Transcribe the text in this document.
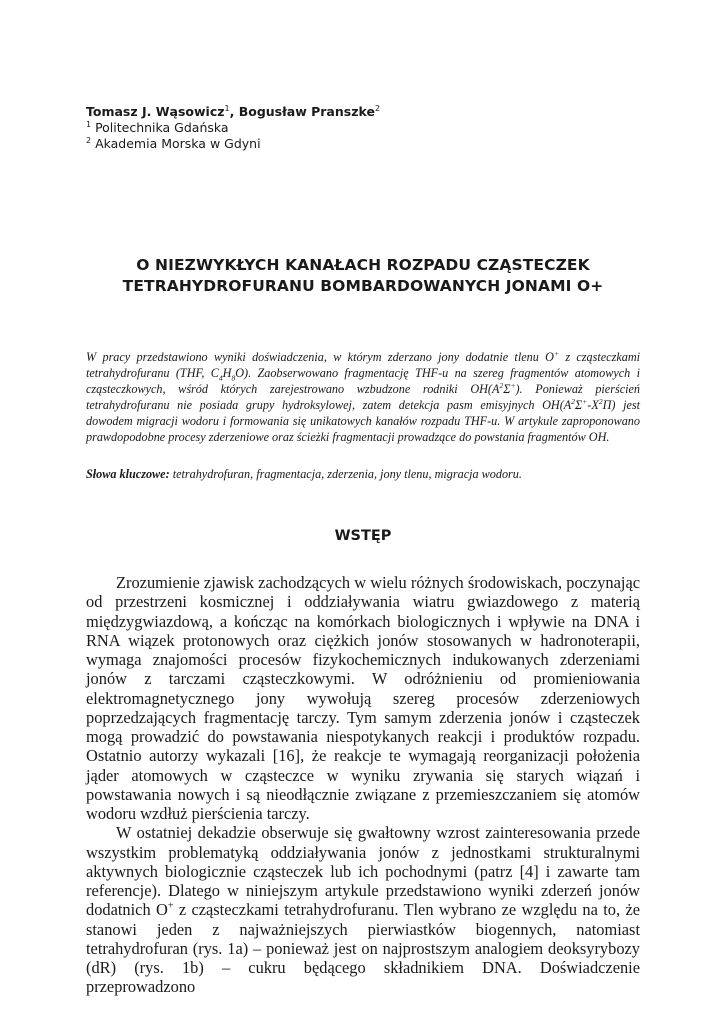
Tomasz J. Wąsowicz$^1$, Bogusław Pranszke$^2$
$^1$ Politechnika Gdańska
$^2$ Akademia Morska w Gdyni
O NIEZWYKŁYCH KANAŁACH ROZPADU CZĄSTECZEK
TETRAHYDROFURANU BOMBARDOWANYCH JONAMI O+
W pracy przedstawiono wyniki doświadczenia, w którym zderzano jony dodatnie tlenu O+ z cząsteczkami tetrahydrofuranu (THF, $C_4H_8O$). Zaobserwowano fragmentację THF-u na szereg fragmentów atomowych i cząsteczkowych, wśród których zarejestrowano wzbudzone rodniki $OH(A^2\Sigma^+)$. Ponieważ pierścień tetrahydrofuranu nie posiada grupy hydroksylowej, zatem detekcja pasm emisyjnych $OH(A^2\Sigma^+-X^2\Pi)$ jest dowodem migracji wodoru i formowania się unikatowych kanałów rozpadu THF-u. W artykule zaproponowano prawdopodobne procesy zderzeniowe oraz ścieżki fragmentacji prowadzące do powstania fragmentów OH.
Słowa kluczowe: tetrahydrofuran, fragmentacja, zderzenia, jony tlenu, migracja wodoru.
WSTĘP

Zrozumienie zjawisk zachodzących w wielu różnych środowiskach, poczynając od przestrzeni kosmicznej i oddziaływania wiatru gwiazdowego z materią międzygwiazdową, a kończąc na komórkach biologicznych i wpływie na DNA i RNA wiązek protonowych oraz ciężkich jonów stosowanych w hadronoterapii, wymaga znajomości procesów fizykochemicznych indukowanych zderzeniami jonów z tarczami cząsteczkowymi. W odróżnieniu od promieniowania elektromagnetycznego jony wywołują szereg procesów zderzeniowych poprzedzających fragmentację tarczy. Tym samym zderzenia jonów i cząsteczek mogą prowadzić do powstawania niespotykanych reakcji i produktów rozpadu. Ostatnio autorzy wykazali [16], że reakcje te wymagają reorganizacji położenia jąder atomowych w cząsteczce w wyniku zrywania się starych wiązań i powstawania nowych i są nieodłącznie związane z przemieszczaniem się atomów wodoru wzdłuż pierścienia tarczy.

W ostatniej dekadzie obserwuje się gwałtowny wzrost zainteresowania przede wszystkim problematyką oddziaływania jonów z jednostkami strukturalnymi aktywnych biologicznie cząsteczek lub ich pochodnymi (patrz [4] i zawarte tam referencje). Dlatego w niniejszym artykule przedstawiono wyniki zderzeń jonów dodatnich O+ z cząsteczkami tetrahydrofuranu. Tlen wybrano ze względu na to, że stanowi jeden z najważniejszych pierwiastków biogennych, natomiast tetrahydrofuran (rys. 1a) – ponieważ jest on najprostszym analogiem deoksyrybozy (dR) (rys. 1b) – cukru będącego składnikiem DNA. Doświadczenie przeprowadzono
